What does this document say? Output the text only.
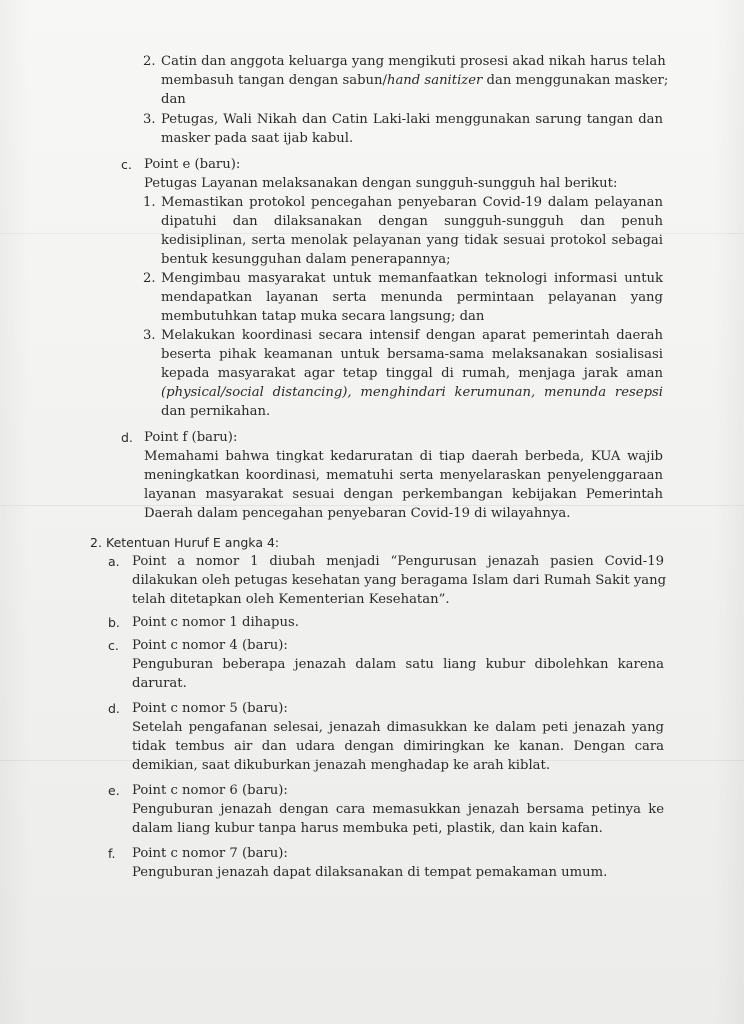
2. Catin dan anggota keluarga yang mengikuti prosesi akad nikah harus telah
membasuh tangan dengan sabun/hand sanitizer dan menggunakan masker;
dan
3. Petugas, Wali Nikah dan Catin Laki-laki menggunakan sarung tangan dan
masker pada saat ijab kabul.
c. Point e (baru):
Petugas Layanan melaksanakan dengan sungguh-sungguh hal berikut:
1. Memastikan protokol pencegahan penyebaran Covid-19 dalam pelayanan
dipatuhi dan dilaksanakan dengan sungguh-sungguh dan penuh
kedisiplinan, serta menolak pelayanan yang tidak sesuai protokol sebagai
bentuk kesungguhan dalam penerapannya;
2. Mengimbau masyarakat untuk memanfaatkan teknologi informasi untuk
mendapatkan layanan serta menunda permintaan pelayanan yang
membutuhkan tatap muka secara langsung; dan
3. Melakukan koordinasi secara intensif dengan aparat pemerintah daerah
beserta pihak keamanan untuk bersama-sama melaksanakan sosialisasi
kepada masyarakat agar tetap tinggal di rumah, menjaga jarak aman
(physical/social distancing), menghindari kerumunan, menunda resepsi
dan pernikahan.
d. Point f (baru):
Memahami bahwa tingkat kedaruratan di tiap daerah berbeda, KUA wajib
meningkatkan koordinasi, mematuhi serta menyelaraskan penyelenggaraan
layanan masyarakat sesuai dengan perkembangan kebijakan Pemerintah
Daerah dalam pencegahan penyebaran Covid-19 di wilayahnya.
2. Ketentuan Huruf E angka 4:
a. Point a nomor 1 diubah menjadi “Pengurusan jenazah pasien Covid-19
dilakukan oleh petugas kesehatan yang beragama Islam dari Rumah Sakit yang
telah ditetapkan oleh Kementerian Kesehatan”.
b. Point c nomor 1 dihapus.
c. Point c nomor 4 (baru):
Penguburan beberapa jenazah dalam satu liang kubur dibolehkan karena
darurat.
d. Point c nomor 5 (baru):
Setelah pengafanan selesai, jenazah dimasukkan ke dalam peti jenazah yang
tidak tembus air dan udara dengan dimiringkan ke kanan. Dengan cara
demikian, saat dikuburkan jenazah menghadap ke arah kiblat.
e. Point c nomor 6 (baru):
Penguburan jenazah dengan cara memasukkan jenazah bersama petinya ke
dalam liang kubur tanpa harus membuka peti, plastik, dan kain kafan.
f. Point c nomor 7 (baru):
Penguburan jenazah dapat dilaksanakan di tempat pemakaman umum.
